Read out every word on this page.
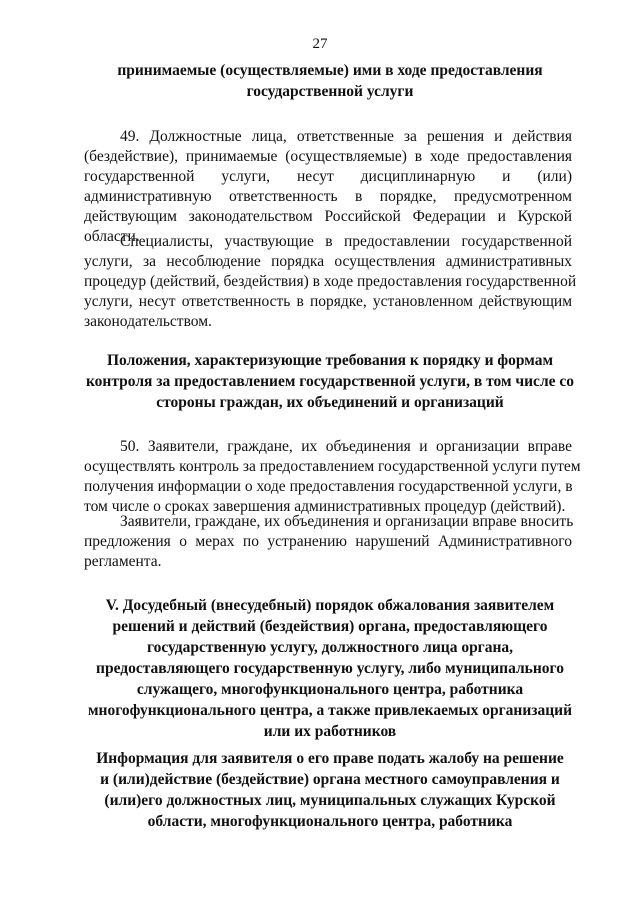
27
принимаемые (осуществляемые) ими в ходе предоставления
государственной услуги
49. Должностные лица, ответственные за решения и действия
(бездействие), принимаемые (осуществляемые) в ходе предоставления
государственной услуги, несут дисциплинарную и (или)
административную ответственность в порядке, предусмотренном
действующим законодательством Российской Федерации и Курской
области.
Специалисты, участвующие в предоставлении государственной
услуги, за несоблюдение порядка осуществления административных
процедур (действий, бездействия) в ходе предоставления государственной
услуги, несут ответственность в порядке, установленном действующим
законодательством.
Положения, характеризующие требования к порядку и формам
контроля за предоставлением государственной услуги, в том числе со
стороны граждан, их объединений и организаций
50. Заявители, граждане, их объединения и организации вправе
осуществлять контроль за предоставлением государственной услуги путем
получения информации о ходе предоставления государственной услуги, в
том числе о сроках завершения административных процедур (действий).
Заявители, граждане, их объединения и организации вправе вносить
предложения о мерах по устранению нарушений Административного
регламента.
V. Досудебный (внесудебный) порядок обжалования заявителем
решений и действий (бездействия) органа, предоставляющего
государственную услугу, должностного лица органа,
предоставляющего государственную услугу, либо муниципального
служащего, многофункционального центра, работника
многофункционального центра, а также привлекаемых организаций
или их работников
Информация для заявителя о его праве подать жалобу на решение
и (или)действие (бездействие) органа местного самоуправления и
(или)его должностных лиц, муниципальных служащих Курской
области, многофункционального центра, работника
